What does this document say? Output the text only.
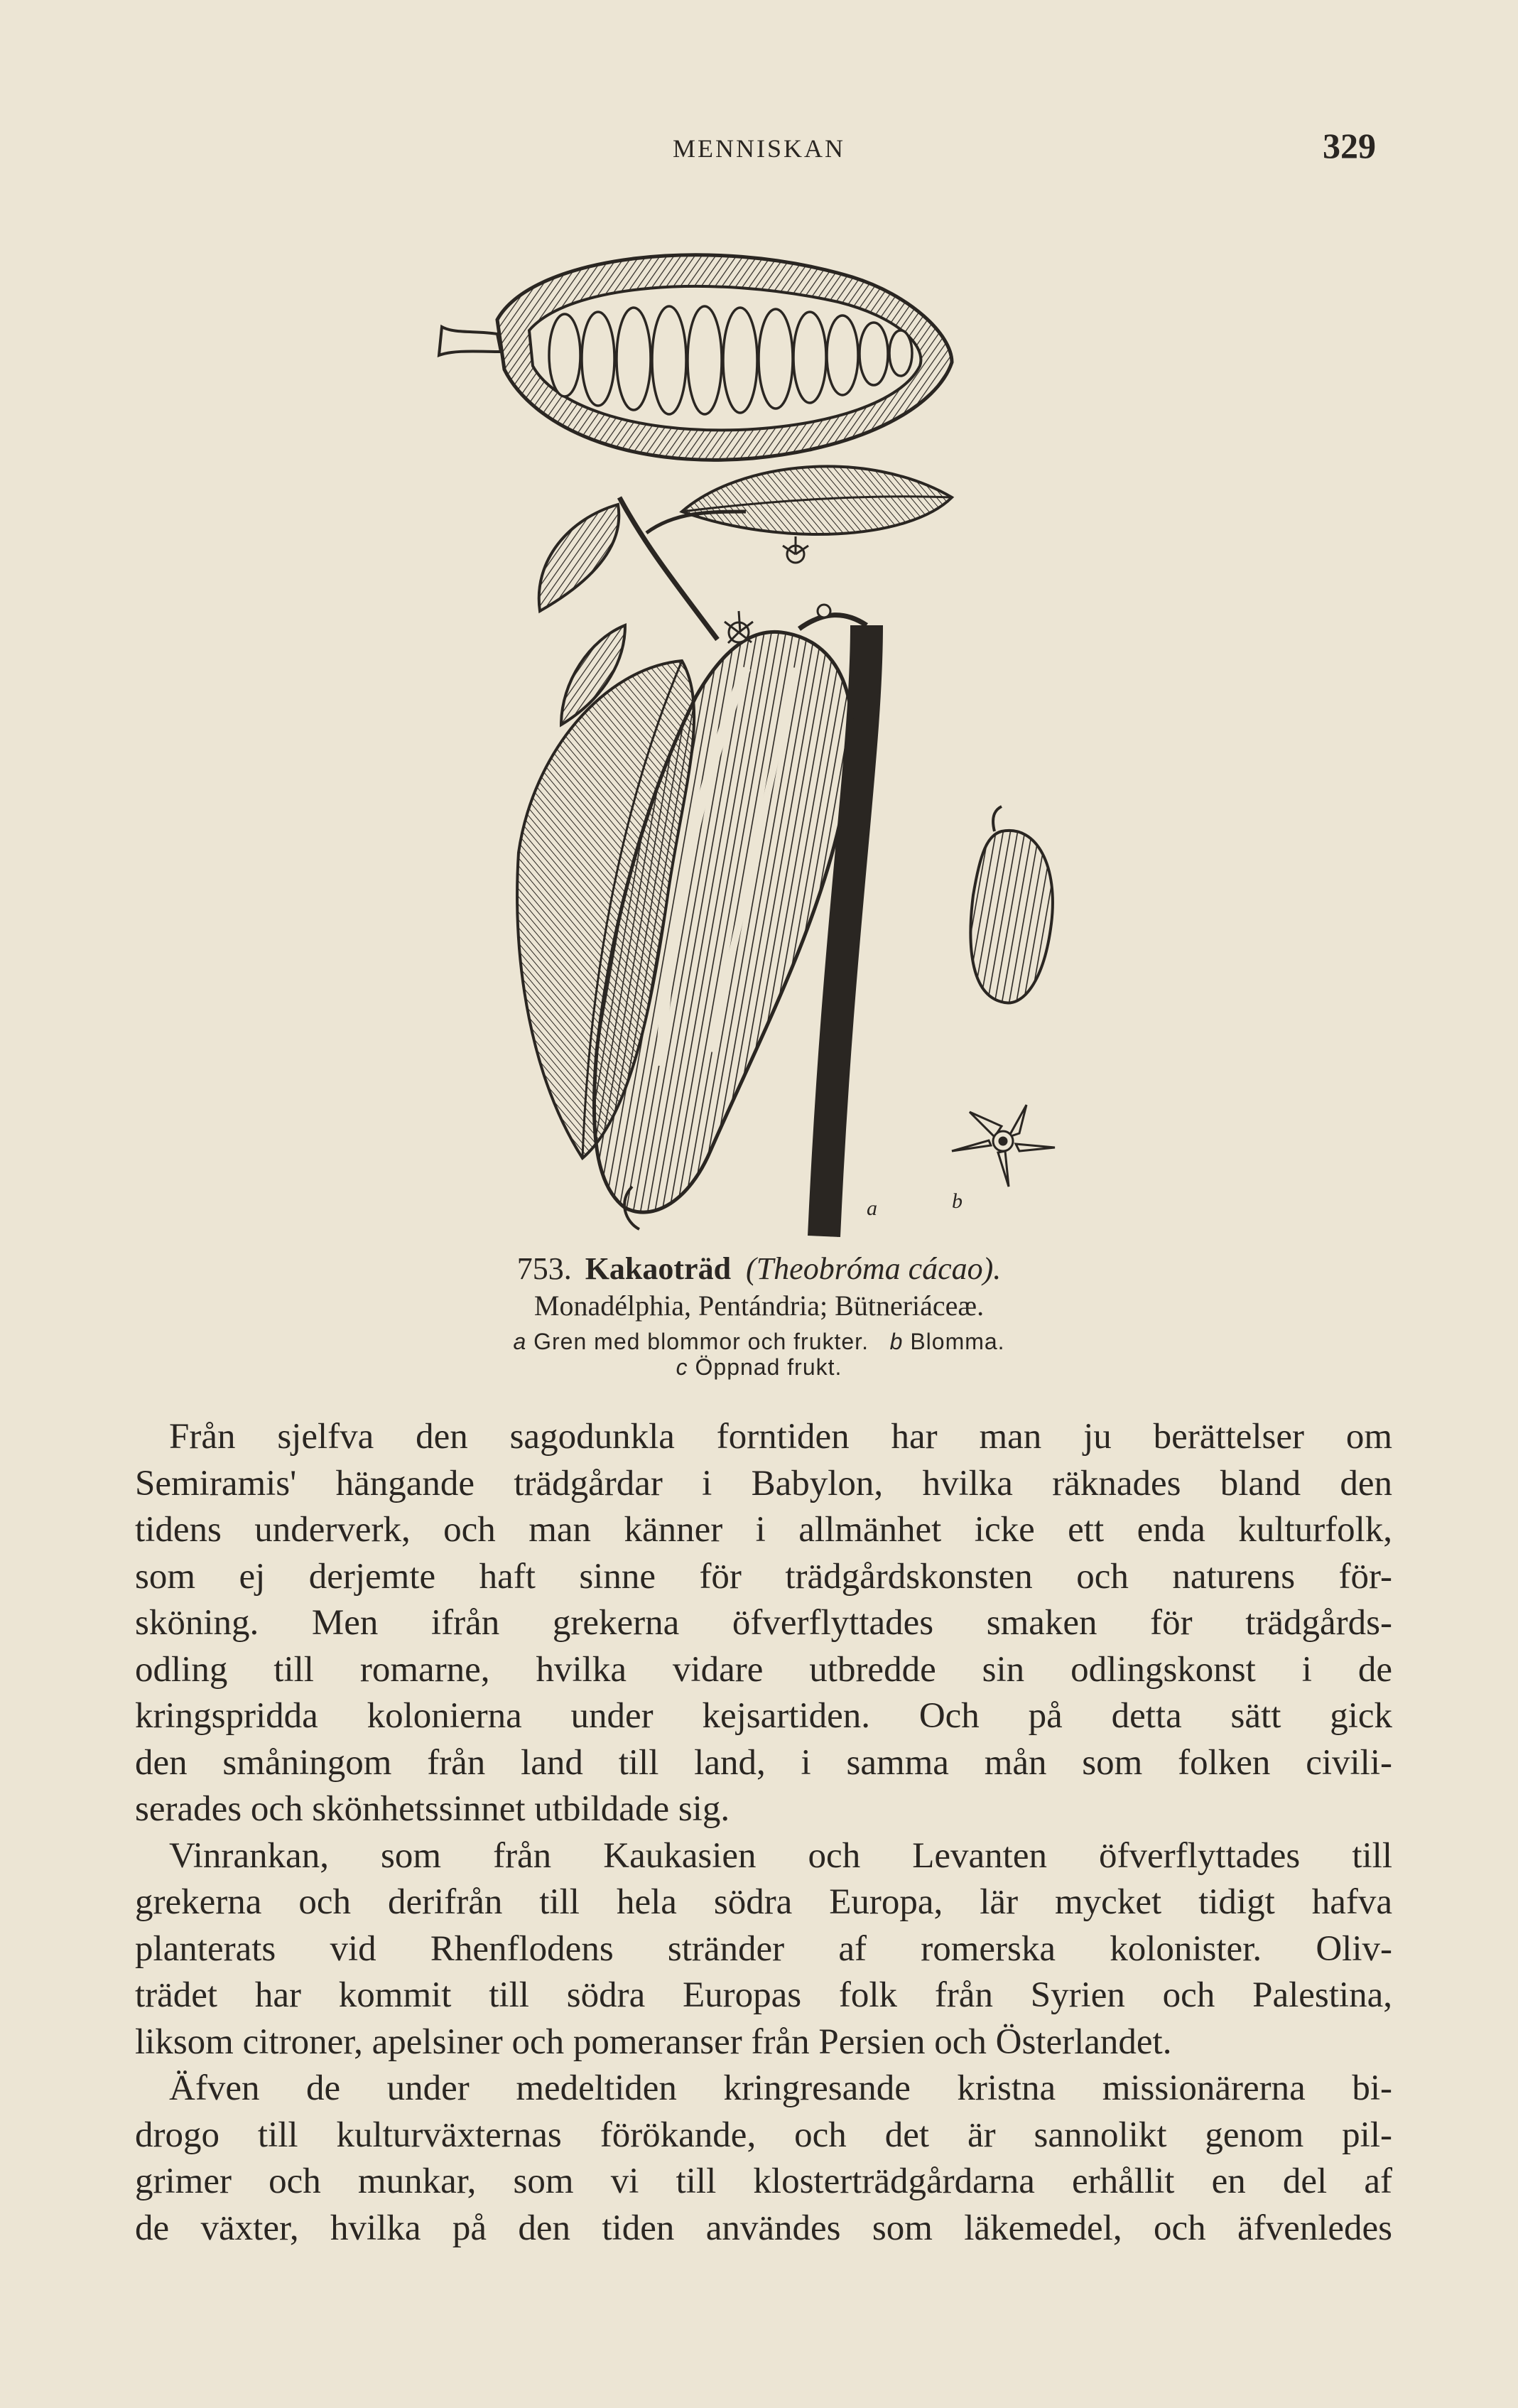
MENNISKAN	329
a	b
753. Kakaoträd (Theobróma cácao).
Monadélphia, Pentándria; Bütneriáceæ.
a Gren med blommor och frukter. b Blomma.
c Öppnad frukt.

Från sjelfva den sagodunkla forntiden har man ju berättelser om

Semiramis' hängande trädgårdar i Babylon, hvilka räknades bland den

tidens underverk, och man känner i allmänhet icke ett enda kulturfolk,

som ej derjemte haft sinne för trädgårdskonsten och naturens för-

sköning. Men ifrån grekerna öfverflyttades smaken för trädgårds-

odling till romarne, hvilka vidare utbredde sin odlingskonst i de

kringspridda kolonierna under kejsartiden. Och på detta sätt gick

den småningom från land till land, i samma mån som folken civili-

serades och skönhetssinnet utbildade sig.

Vinrankan, som från Kaukasien och Levanten öfverflyttades till

grekerna och derifrån till hela södra Europa, lär mycket tidigt hafva

planterats vid Rhenflodens stränder af romerska kolonister. Oliv-

trädet har kommit till södra Europas folk från Syrien och Palestina,

liksom citroner, apelsiner och pomeranser från Persien och Österlandet.

Äfven de under medeltiden kringresande kristna missionärerna bi-

drogo till kulturväxternas förökande, och det är sannolikt genom pil-

grimer och munkar, som vi till klosterträdgårdarna erhållit en del af

de växter, hvilka på den tiden användes som läkemedel, och äfvenledes
